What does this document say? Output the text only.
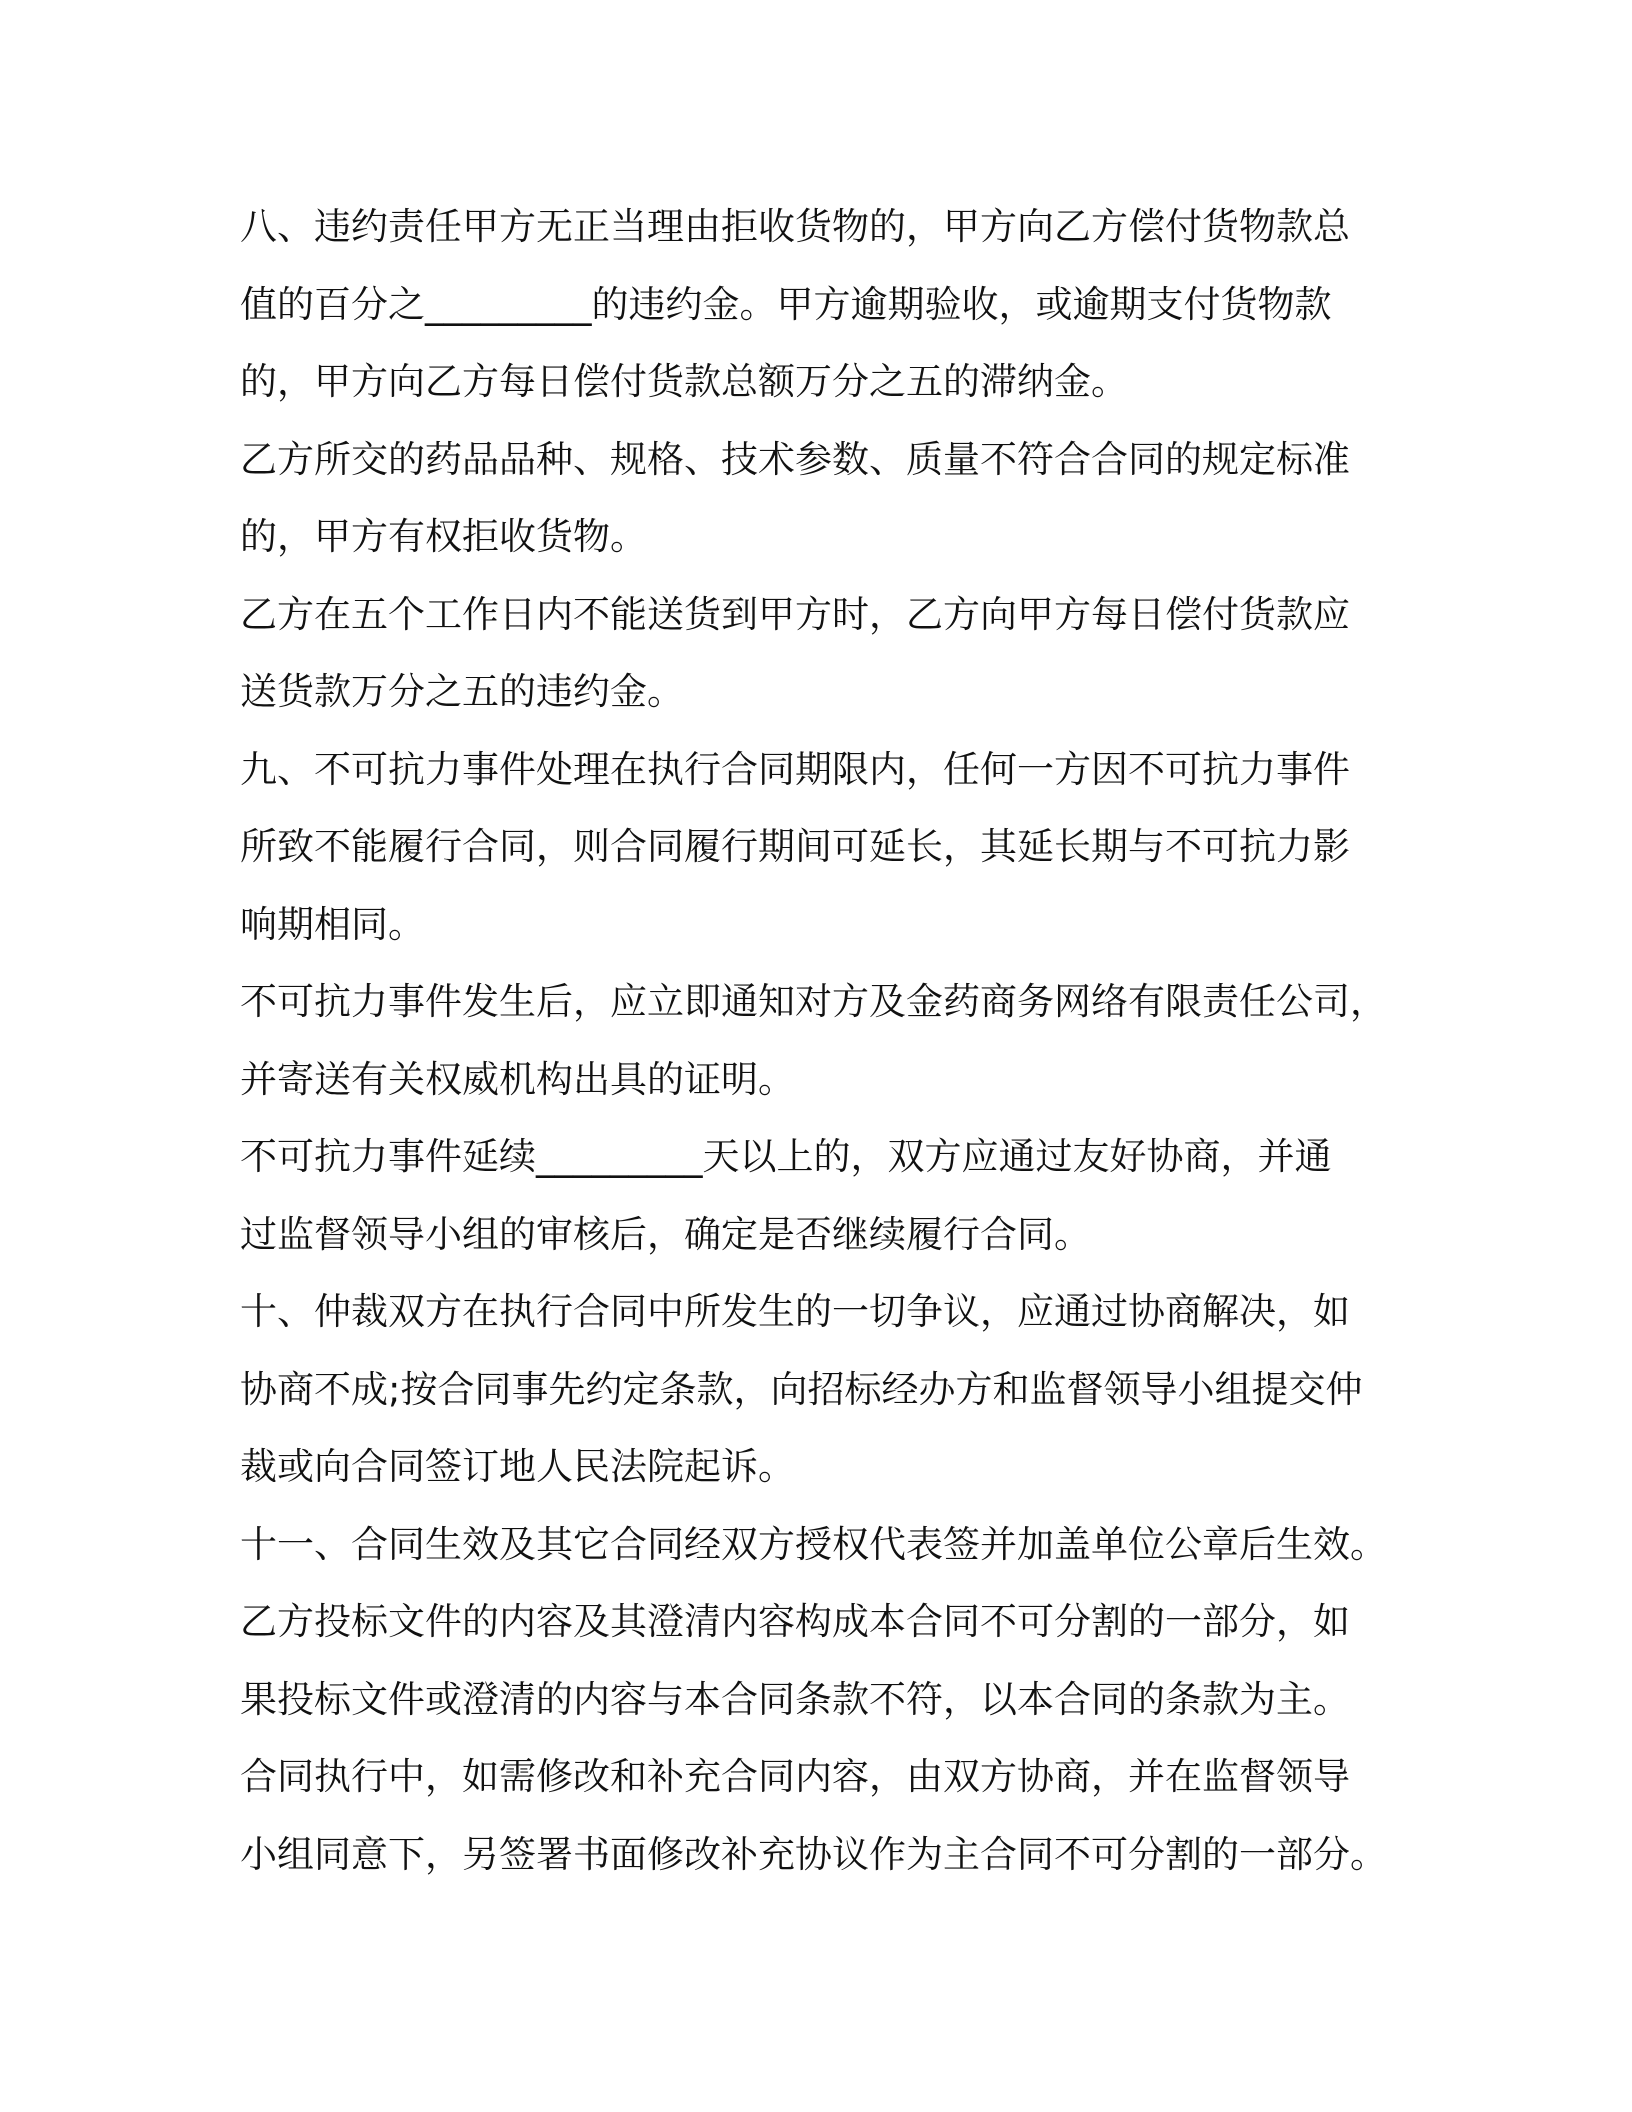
八、违约责任甲方无正当理由拒收货物的，甲方向乙方偿付货物款总
值的百分之_________的违约金。甲方逾期验收，或逾期支付货物款
的，甲方向乙方每日偿付货款总额万分之五的滞纳金。
乙方所交的药品品种、规格、技术参数、质量不符合合同的规定标准
的，甲方有权拒收货物。
乙方在五个工作日内不能送货到甲方时，乙方向甲方每日偿付货款应
送货款万分之五的违约金。
九、不可抗力事件处理在执行合同期限内，任何一方因不可抗力事件
所致不能履行合同，则合同履行期间可延长，其延长期与不可抗力影
响期相同。
不可抗力事件发生后，应立即通知对方及金药商务网络有限责任公司，
并寄送有关权威机构出具的证明。
不可抗力事件延续_________天以上的，双方应通过友好协商，并通
过监督领导小组的审核后，确定是否继续履行合同。
十、仲裁双方在执行合同中所发生的一切争议，应通过协商解决，如
协商不成;按合同事先约定条款，向招标经办方和监督领导小组提交仲
裁或向合同签订地人民法院起诉。
十一、合同生效及其它合同经双方授权代表签并加盖单位公章后生效。
乙方投标文件的内容及其澄清内容构成本合同不可分割的一部分，如
果投标文件或澄清的内容与本合同条款不符，以本合同的条款为主。
合同执行中，如需修改和补充合同内容，由双方协商，并在监督领导
小组同意下，另签署书面修改补充协议作为主合同不可分割的一部分。
